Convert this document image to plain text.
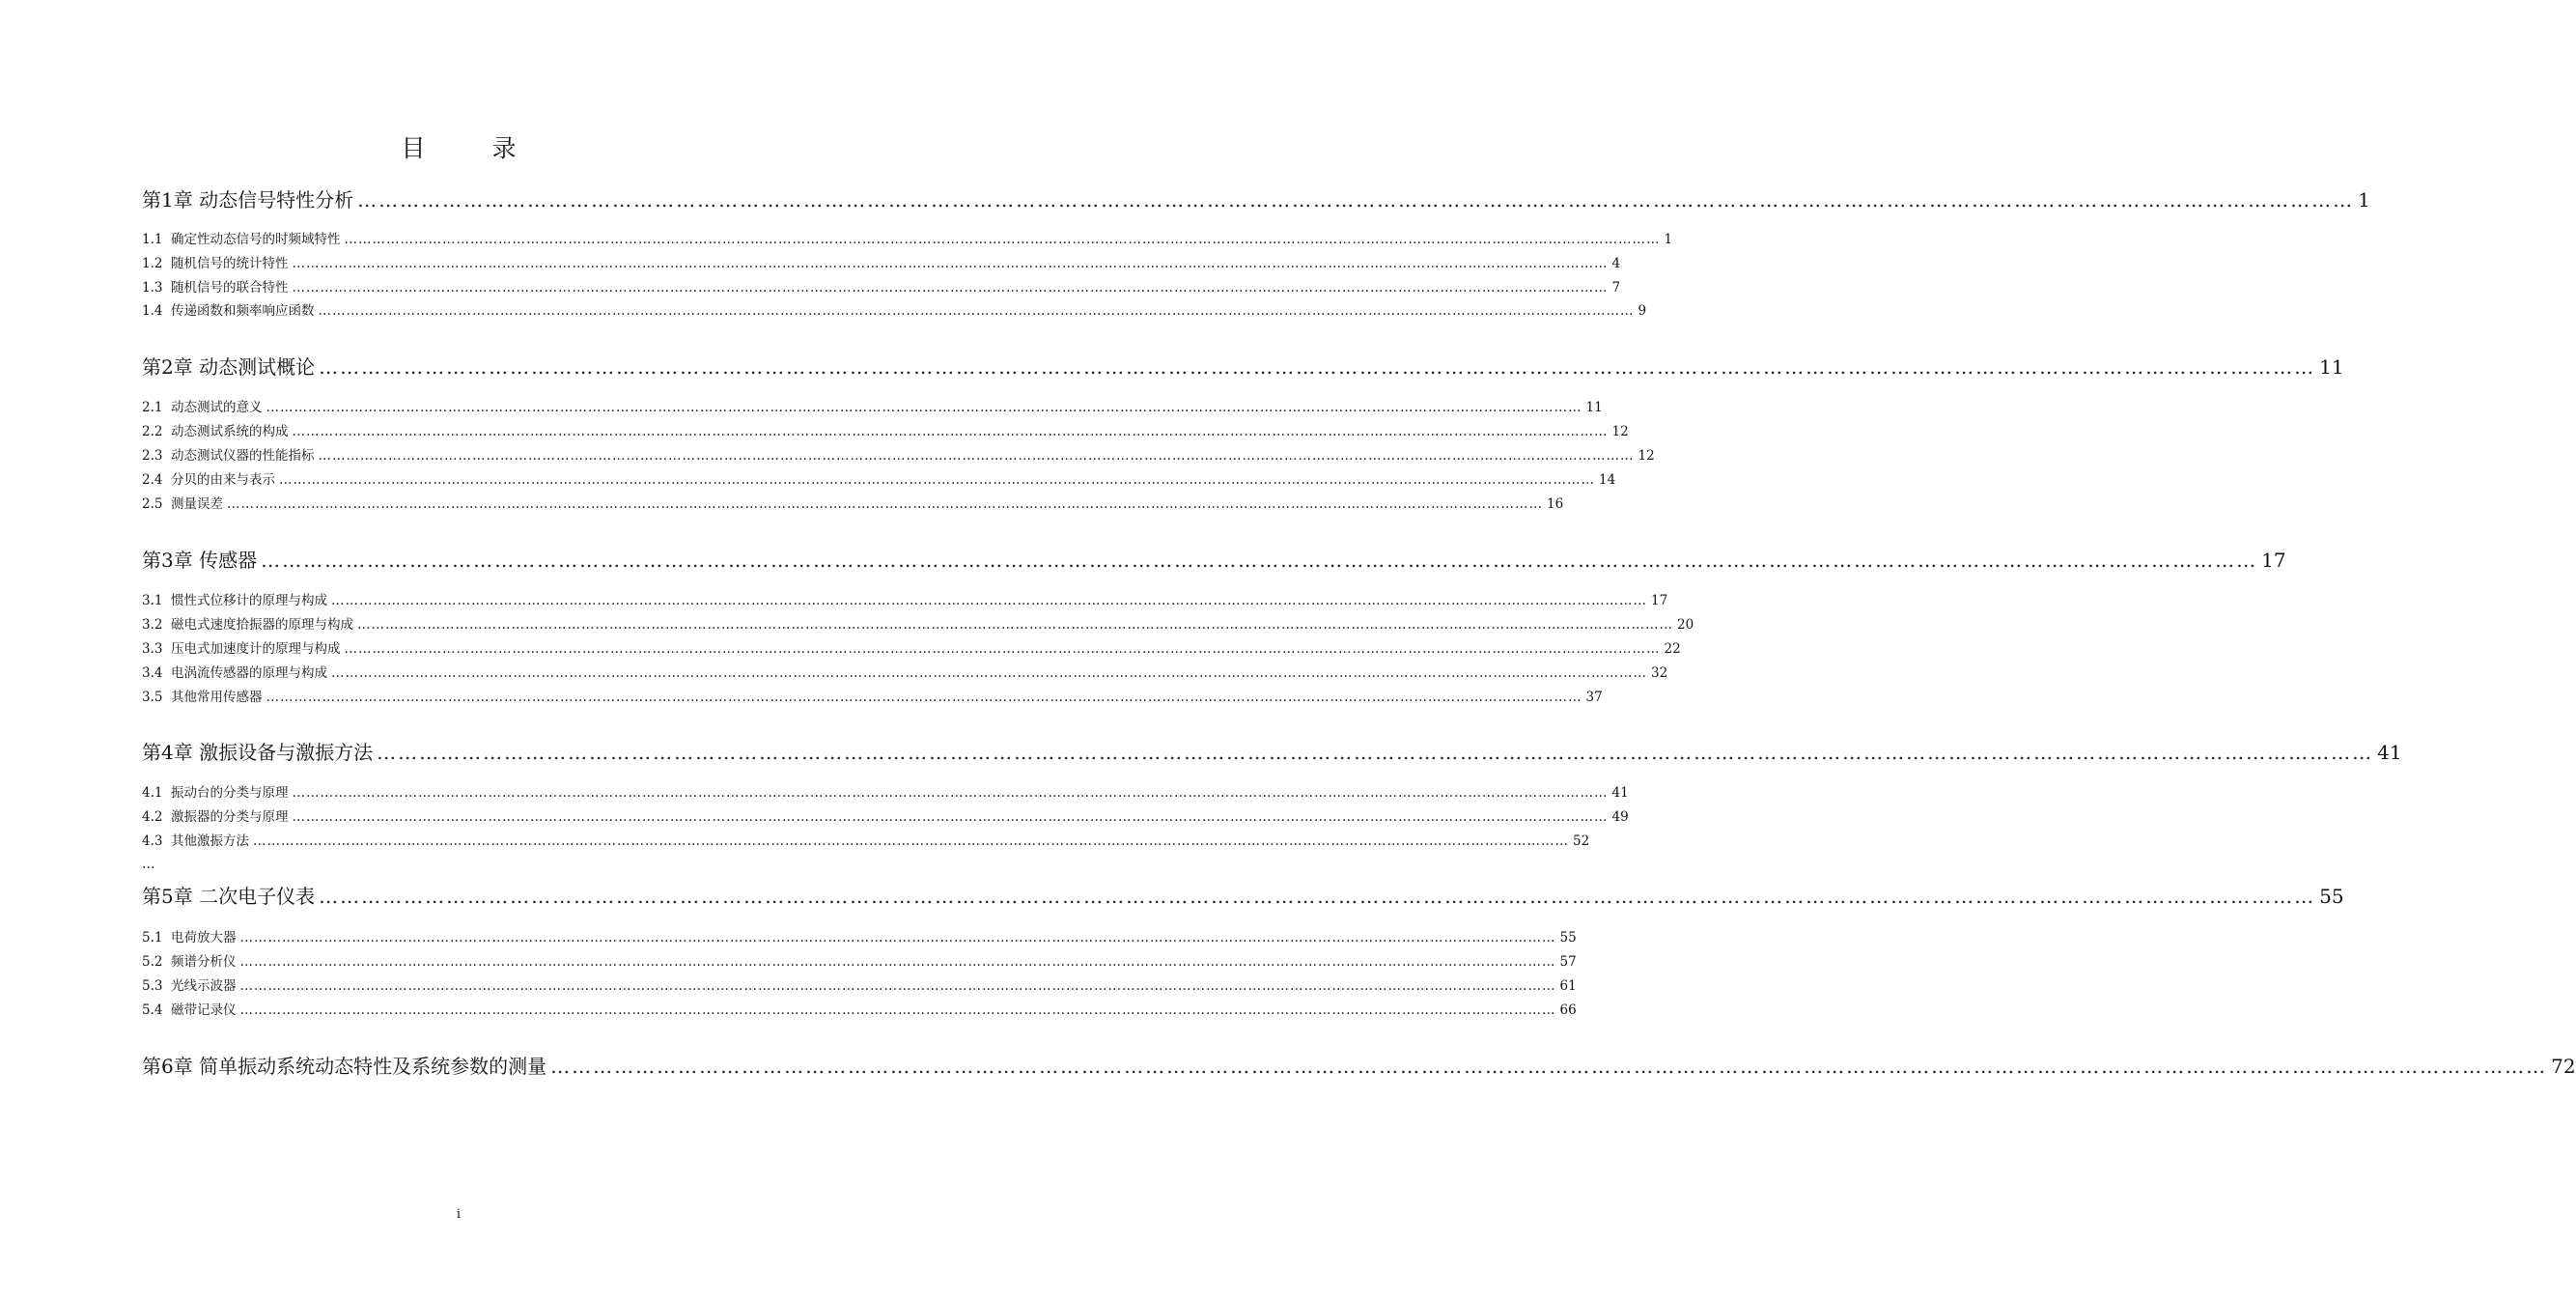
目　录
第1章 动态信号特性分析 ………………………………………………………………………………………………………………………………………………………………………………………………………………………………………………………… 1
1.1 确定性动态信号的时频域特性 ………………………………………………………………………………………………………………………………………………………………………………………………………………………………………………………… 1
1.2 随机信号的统计特性 ………………………………………………………………………………………………………………………………………………………………………………………………………………………………………………………… 4
1.3 随机信号的联合特性 ………………………………………………………………………………………………………………………………………………………………………………………………………………………………………………………… 7
1.4 传递函数和频率响应函数 ………………………………………………………………………………………………………………………………………………………………………………………………………………………………………………………… 9
第2章 动态测试概论 ………………………………………………………………………………………………………………………………………………………………………………………………………………………………………………………… 11
2.1 动态测试的意义 ………………………………………………………………………………………………………………………………………………………………………………………………………………………………………………………… 11
2.2 动态测试系统的构成 ………………………………………………………………………………………………………………………………………………………………………………………………………………………………………………………… 12
2.3 动态测试仪器的性能指标 ………………………………………………………………………………………………………………………………………………………………………………………………………………………………………………………… 12
2.4 分贝的由来与表示 ………………………………………………………………………………………………………………………………………………………………………………………………………………………………………………………… 14
2.5 测量误差 ………………………………………………………………………………………………………………………………………………………………………………………………………………………………………………………… 16
第3章 传感器 ………………………………………………………………………………………………………………………………………………………………………………………………………………………………………………………… 17
3.1 惯性式位移计的原理与构成 ………………………………………………………………………………………………………………………………………………………………………………………………………………………………………………………… 17
3.2 磁电式速度拾振器的原理与构成 ………………………………………………………………………………………………………………………………………………………………………………………………………………………………………………………… 20
3.3 压电式加速度计的原理与构成 ………………………………………………………………………………………………………………………………………………………………………………………………………………………………………………………… 22
3.4 电涡流传感器的原理与构成 ………………………………………………………………………………………………………………………………………………………………………………………………………………………………………………………… 32
3.5 其他常用传感器 ………………………………………………………………………………………………………………………………………………………………………………………………………………………………………………………… 37
第4章 激振设备与激振方法 ………………………………………………………………………………………………………………………………………………………………………………………………………………………………………………………… 41
4.1 振动台的分类与原理 ………………………………………………………………………………………………………………………………………………………………………………………………………………………………………………………… 41
4.2 激振器的分类与原理 ………………………………………………………………………………………………………………………………………………………………………………………………………………………………………………………… 49
4.3 其他激振方法 ………………………………………………………………………………………………………………………………………………………………………………………………………………………………………………………… 52
…
第5章 二次电子仪表 ………………………………………………………………………………………………………………………………………………………………………………………………………………………………………………………… 55
5.1 电荷放大器 ………………………………………………………………………………………………………………………………………………………………………………………………………………………………………………………… 55
5.2 频谱分析仪 ………………………………………………………………………………………………………………………………………………………………………………………………………………………………………………………… 57
5.3 光线示波器 ………………………………………………………………………………………………………………………………………………………………………………………………………………………………………………………… 61
5.4 磁带记录仪 ………………………………………………………………………………………………………………………………………………………………………………………………………………………………………………………… 66
第6章 简单振动系统动态特性及系统参数的测量 ………………………………………………………………………………………………………………………………………………………………………………………………………………………………………………………… 72
i
